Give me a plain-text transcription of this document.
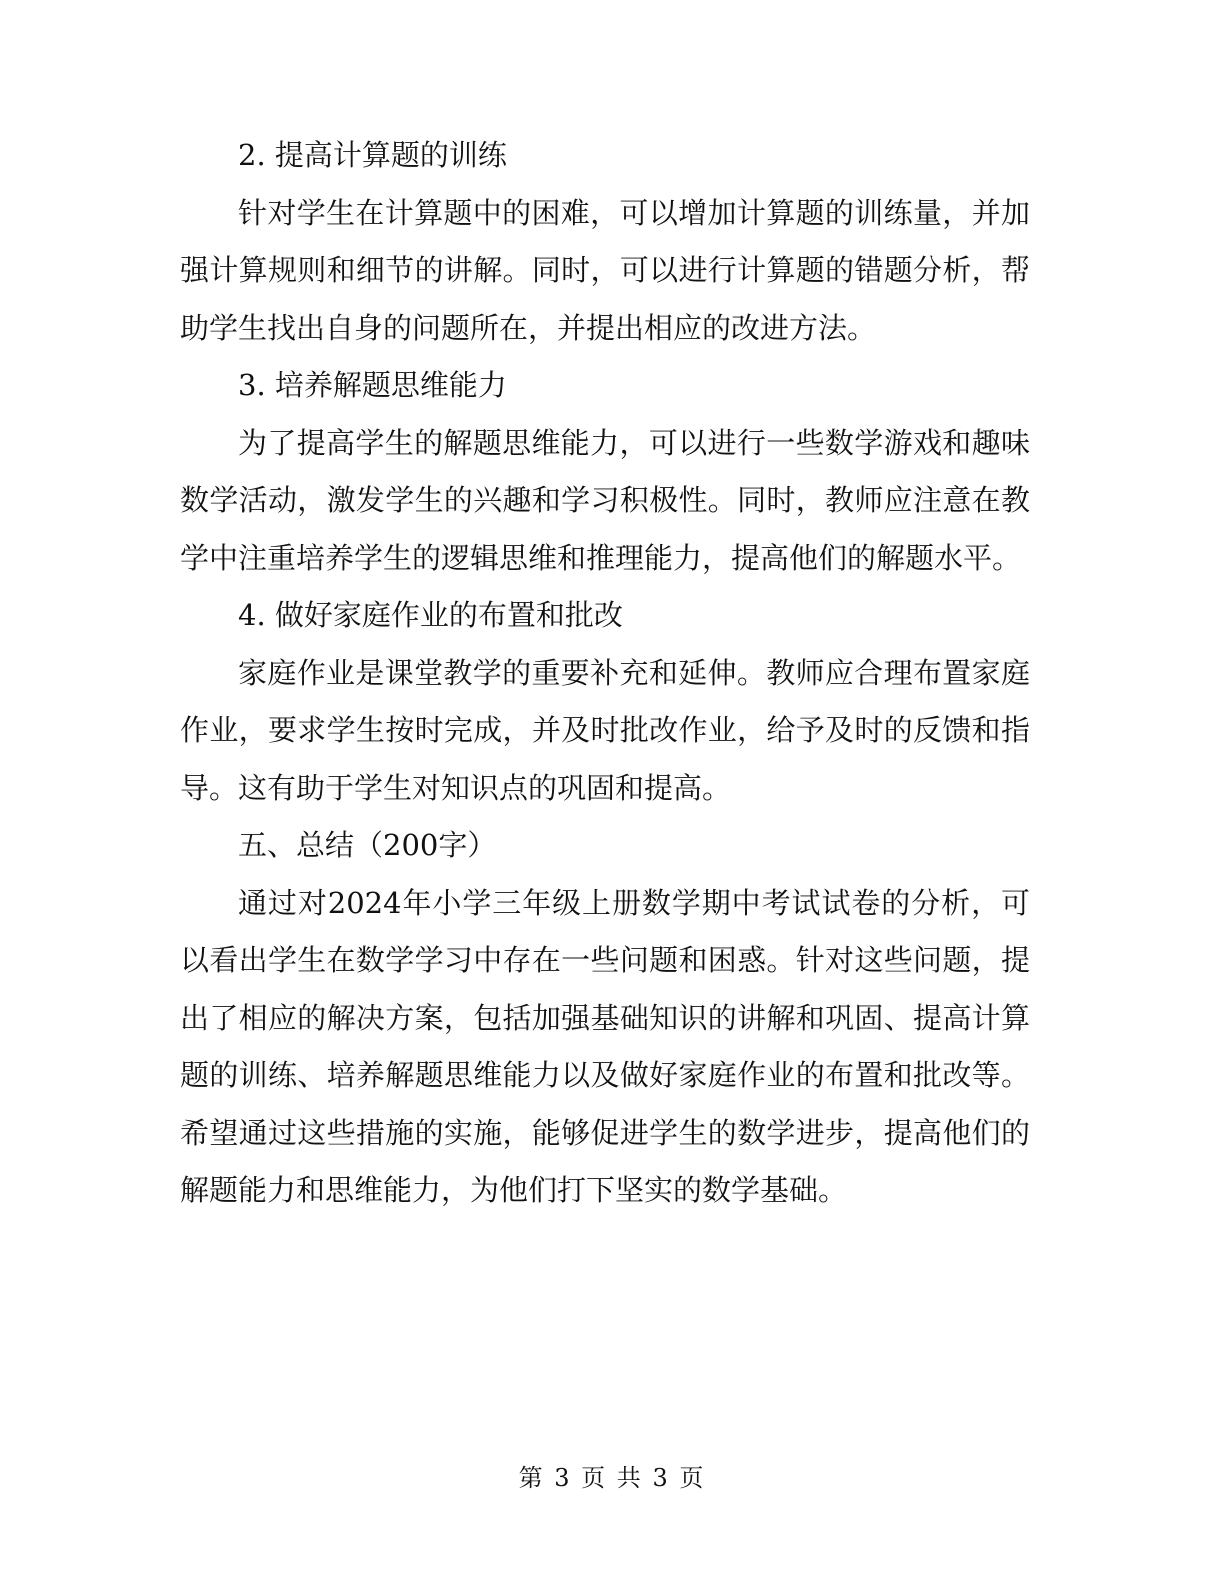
2. 提高计算题的训练

针对学生在计算题中的困难，可以增加计算题的训练量，并加强计算规则和细节的讲解。同时，可以进行计算题的错题分析，帮助学生找出自身的问题所在，并提出相应的改进方法。

3. 培养解题思维能力

为了提高学生的解题思维能力，可以进行一些数学游戏和趣味数学活动，激发学生的兴趣和学习积极性。同时，教师应注意在教学中注重培养学生的逻辑思维和推理能力，提高他们的解题水平。

4. 做好家庭作业的布置和批改

家庭作业是课堂教学的重要补充和延伸。教师应合理布置家庭作业，要求学生按时完成，并及时批改作业，给予及时的反馈和指导。这有助于学生对知识点的巩固和提高。

五、总结（200字）

通过对2024年小学三年级上册数学期中考试试卷的分析，可以看出学生在数学学习中存在一些问题和困惑。针对这些问题，提出了相应的解决方案，包括加强基础知识的讲解和巩固、提高计算题的训练、培养解题思维能力以及做好家庭作业的布置和批改等。希望通过这些措施的实施，能够促进学生的数学进步，提高他们的解题能力和思维能力，为他们打下坚实的数学基础。

第 3 页 共 3 页
